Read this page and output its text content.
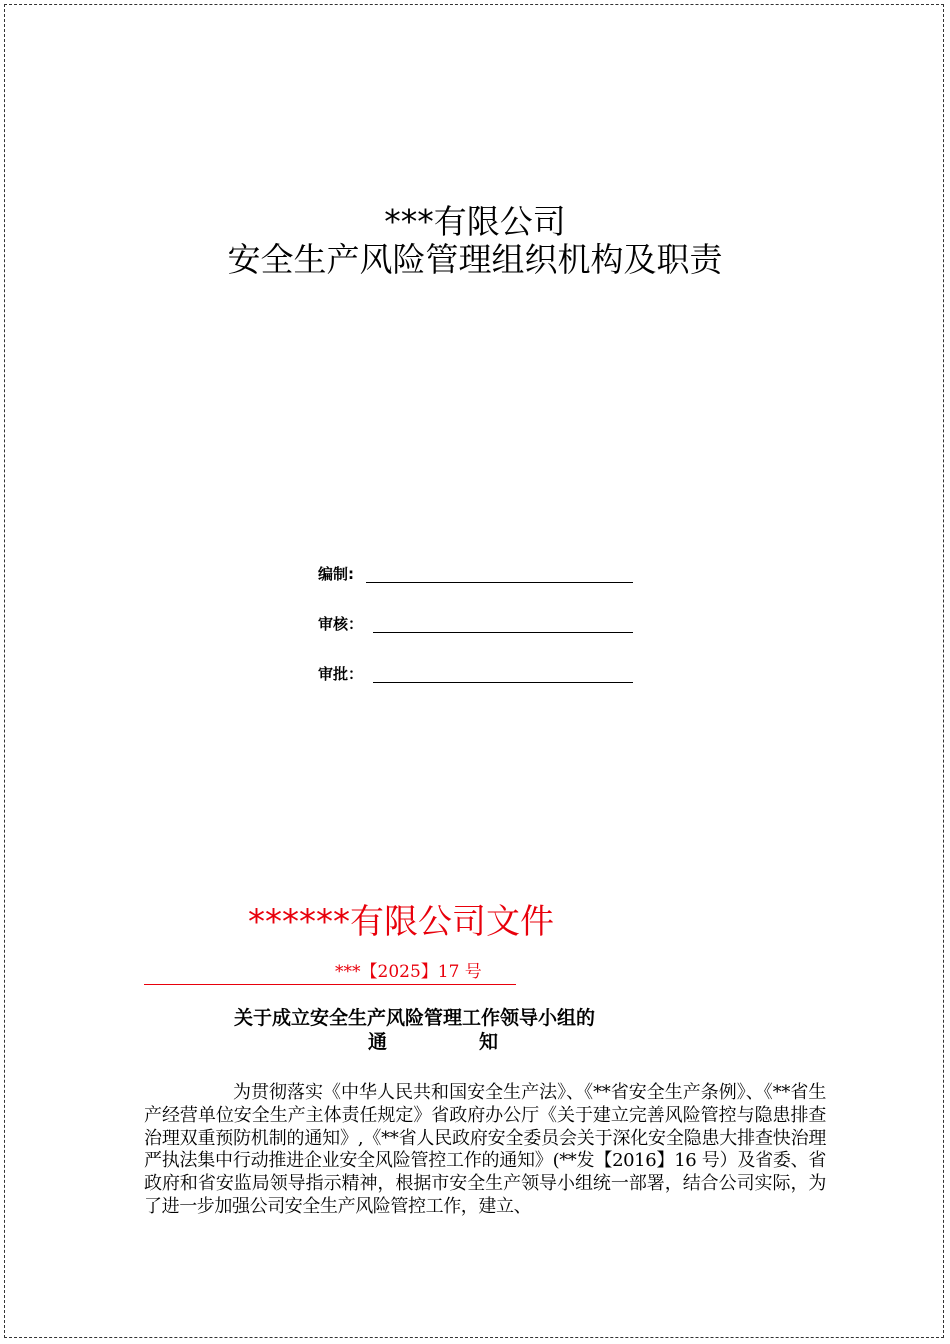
***有限公司
安全生产风险管理组织机构及职责
编制:
审核：
审批：
******有限公司文件
***【2025】17 号
关于成立安全生产风险管理工作领导小组的
通	知
为贯彻落实《中华人民共和国安全生产法》、《**省安全生产条例》、《**省生产经营单位安全生产主体责任规定》省政府办公厅《关于建立完善风险管控与隐患排查治理双重预防机制的通知》,《**省人民政府安全委员会关于深化安全隐患大排查快治理严执法集中行动推进企业安全风险管控工作的通知》(**发【2016】16 号）及省委、省政府和省安监局领导指示精神，根据市安全生产领导小组统一部署，结合公司实际，为了进一步加强公司安全生产风险管控工作，建立、
